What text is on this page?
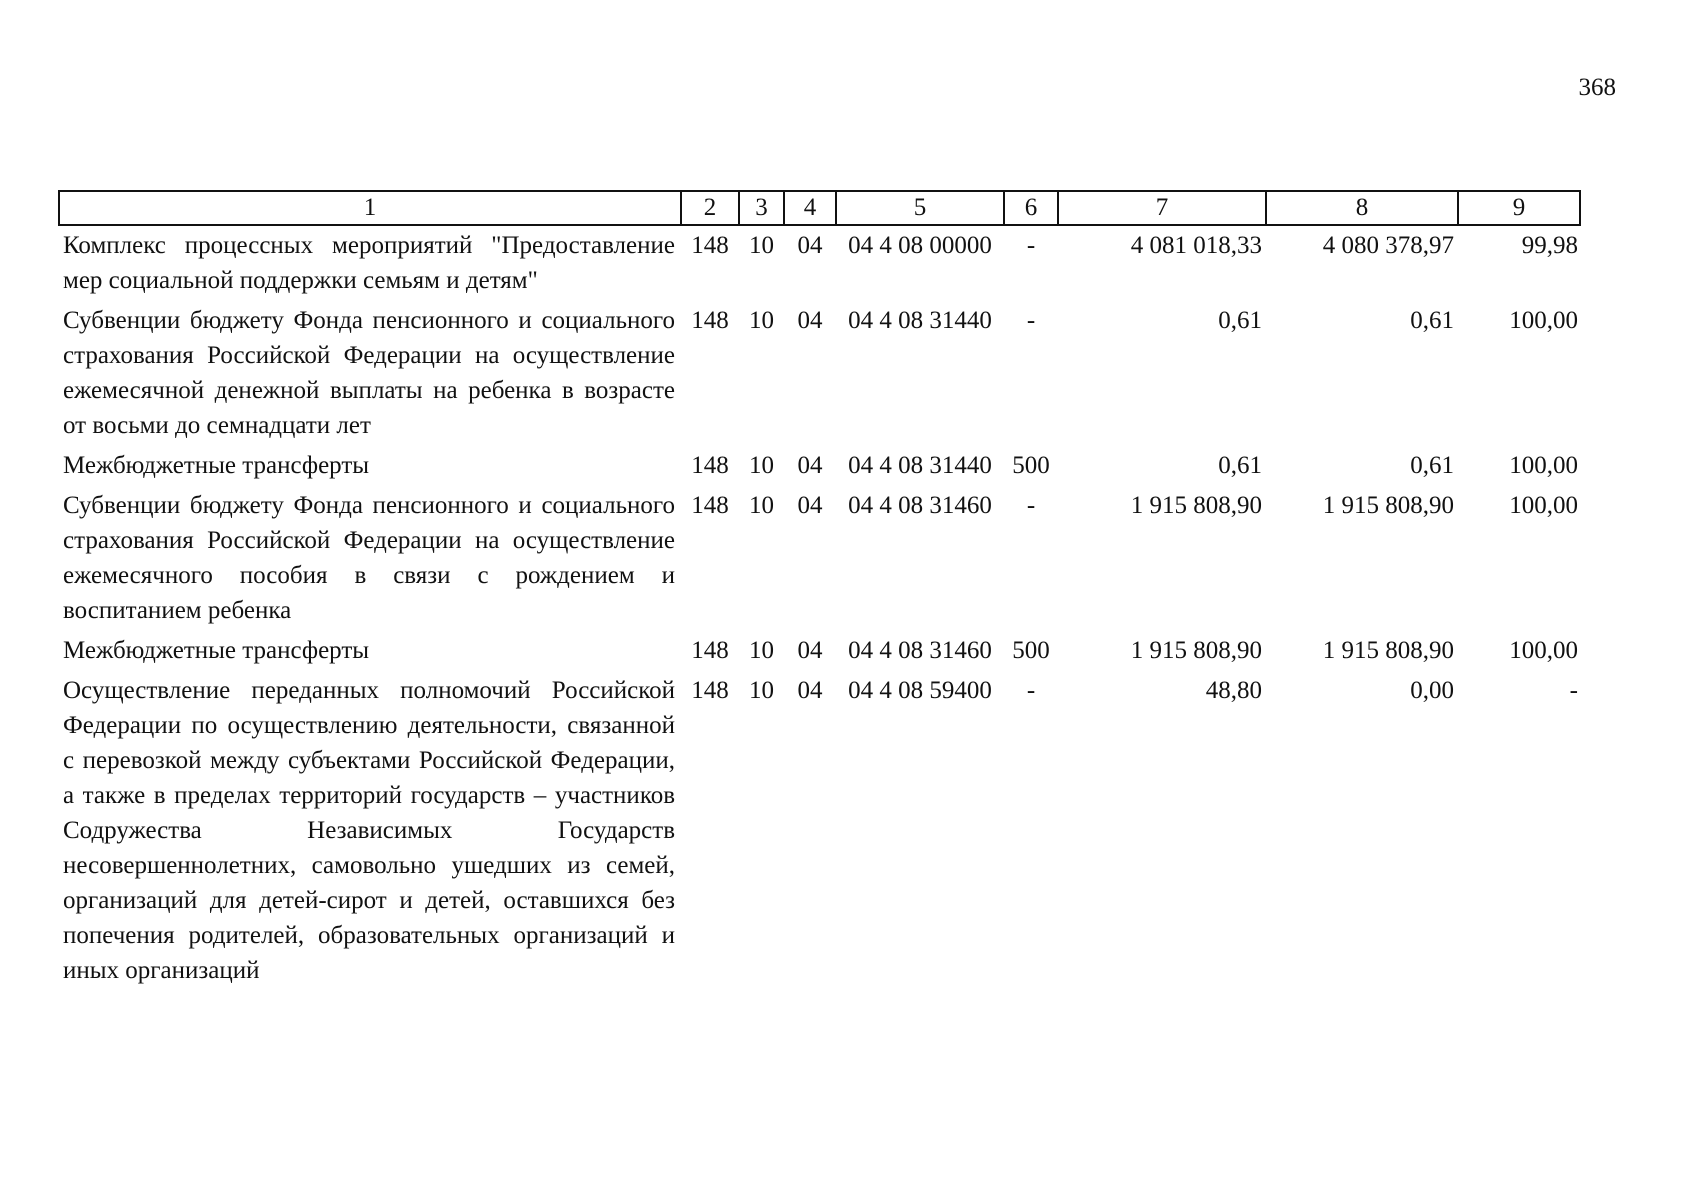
368
1	2	3	4	5	6	7	8	9

Комплекс процессных мероприятий "Предоставление мер социальной поддержки семьям и детям"	148	10	04	04 4 08 00000	-	4 081 018,33	4 080 378,97	99,98

Субвенции бюджету Фонда пенсионного и социального страхования Российской Федерации на осуществление ежемесячной денежной выплаты на ребенка в возрасте от восьми до семнадцати лет	148	10	04	04 4 08 31440	-	0,61	0,61	100,00

Межбюджетные трансферты	148	10	04	04 4 08 31440	500	0,61	0,61	100,00

Субвенции бюджету Фонда пенсионного и социального страхования Российской Федерации на осуществление ежемесячного пособия в связи с рождением и воспитанием ребенка	148	10	04	04 4 08 31460	-	1 915 808,90	1 915 808,90	100,00

Межбюджетные трансферты	148	10	04	04 4 08 31460	500	1 915 808,90	1 915 808,90	100,00

Осуществление переданных полномочий Российской Федерации по осуществлению деятельности, связанной с перевозкой между субъектами Российской Федерации, а также в пределах территорий государств – участников Содружества Независимых Государств несовершеннолетних, самовольно ушедших из семей, организаций для детей-сирот и детей, оставшихся без попечения родителей, образовательных организаций и иных организаций	148	10	04	04 4 08 59400	-	48,80	0,00	-
